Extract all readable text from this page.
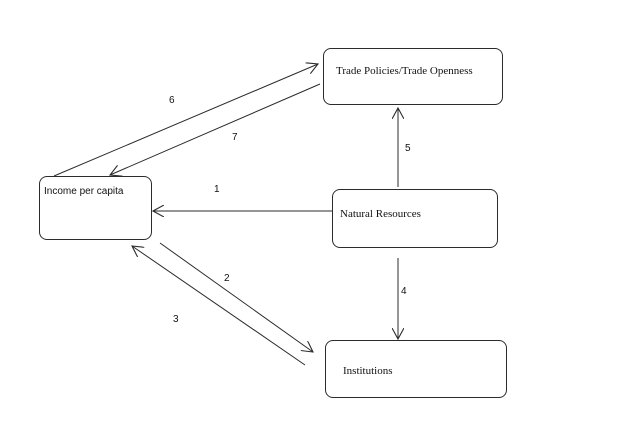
Trade Policies/Trade Openness
Income per capita
Natural Resources
Institutions
1
2
3
4
5
6
7
